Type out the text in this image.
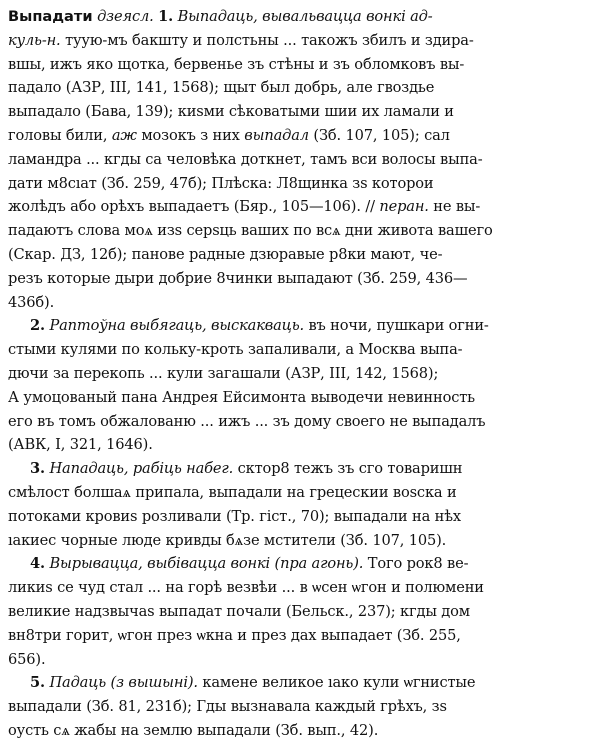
Выпадати дзеясл. 1. Выпадаць, вывальвацца вонкі ад-
куль-н. туую-мъ бакшту и полстьны ... такожъ збилъ и здира-
вшы, ижъ яко щотка, бервенье зъ стѣны и зъ обломковъ вы-
падало (АЗР, III, 141, 1568); щыт был добрь, але гвоздье
выпадало (Бава, 139); киѕми сѣковатыми шии их ламали и
головы били, аж мозокъ з них выпадал (Зб. 107, 105); сал
ламандра ... кгды са человѣка доткнет, тамъ вси волосы выпа-
дати м8сıат (Зб. 259, 47б); Плѣска: Л8щинка зѕ которои
жолѣдъ або орѣхъ выпадаетъ (Бяр., 105—106). // перан. не вы-
падаютъ слова моѧ изѕ серѕць ваших по всѧ дни живота вашего
(Скар. ДЗ, 12б); панове радные дзюравые р8ки мают, че-
резъ которые дыри добрие 8чинки выпадают (Зб. 259, 436—
436б).
2. Раптоўна выбягаць, выскакваць. въ ночи, пушкари огни-
стыми кулями по кольку-кроть запаливали, а Москва выпа-
дючи за перекопь ... кули загашали (АЗР, III, 142, 1568);
А умоцованый пана Андрея Ейсимонта выводечи невинность
его въ томъ обжалованю ... ижъ ... зъ дому своего не выпадалъ
(АВК, I, 321, 1646).
3. Нападаць, рабіць набег. сктор8 тежъ зъ сго товаришн
смѣлост болшаѧ припала, выпадали на грецескии воѕска и
потоками кровиѕ розливали (Тр. гіст., 70); выпадали на нѣх
ıакиес чорные люде кривды бѧзе мстители (Зб. 107, 105).
4. Вырывацца, выбівацца вонкі (пра агонь). Того рок8 ве-
ликиѕ се чуд стал ... на горѣ везвѣи ... в ѡсен ѡгон и полюмени
великие надзвычаѕ выпадат почали (Бельск., 237); кгды дом
вн8три горит, ѡгон през ѡкна и през дах выпадает (Зб. 255,
656).
5. Падаць (з вышыні). камене великое ıако кули ѡгнистые
выпадали (Зб. 81, 231б); Гды вызнавала каждый грѣхъ, зѕ
оусть сѧ жабы на землю выпадали (Зб. вып., 42).
